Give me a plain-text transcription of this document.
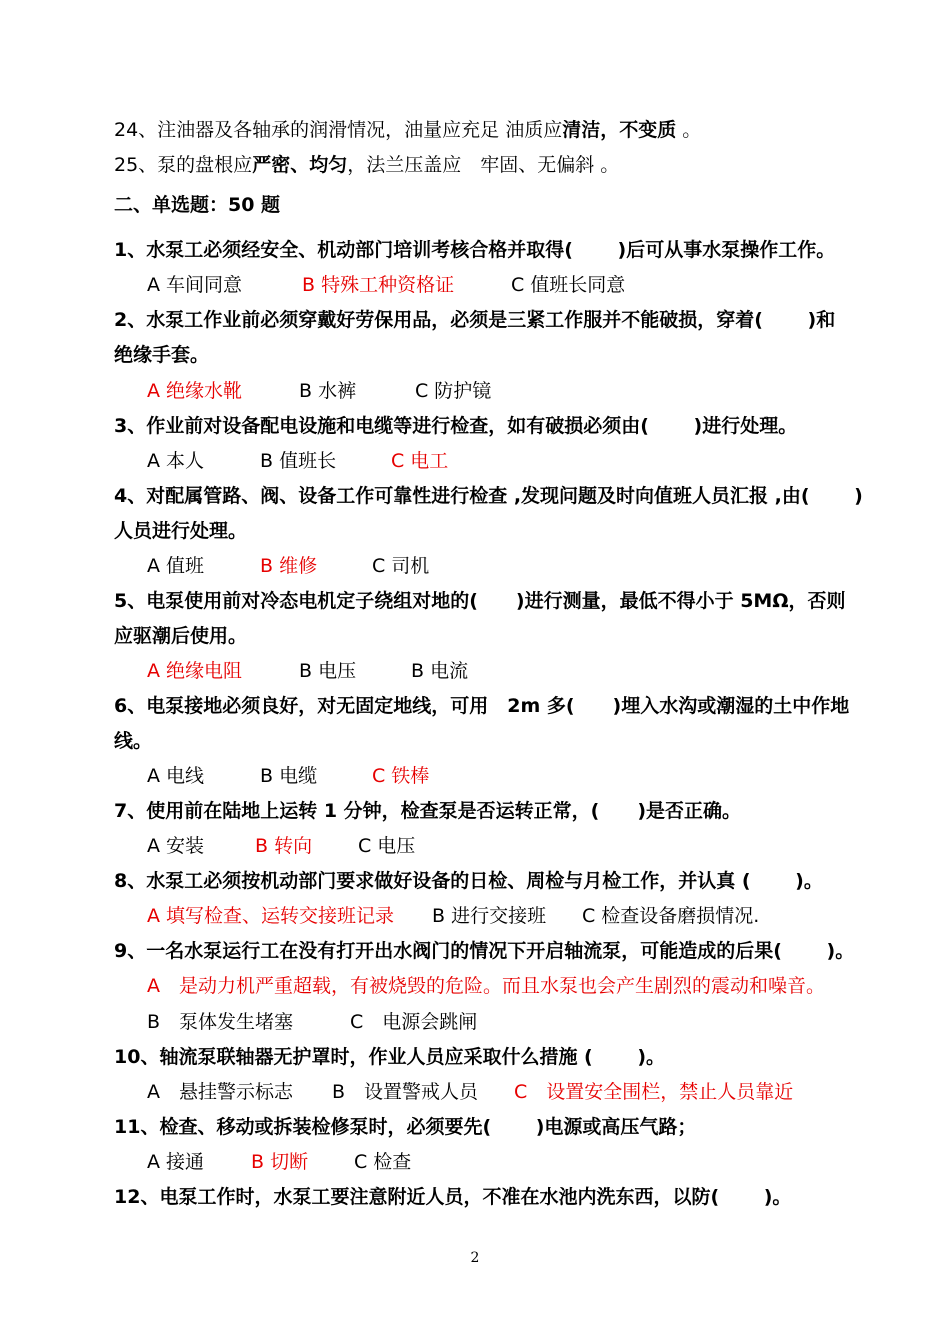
24、注油器及各轴承的润滑情况，油量应充足 油质应清洁，不变质 。
25、泵的盘根应严密、均匀，法兰压盖应　牢固、无偏斜 。
二、单选题：50 题
1、水泵工必须经安全、机动部门培训考核合格并取得(　　 )后可从事水泵操作工作。
A 车间同意	B 特殊工种资格证	C 值班长同意
2、水泵工作业前必须穿戴好劳保用品，必须是三紧工作服并不能破损，穿着(　　 )和
绝缘手套。
A 绝缘水靴	B 水裤	C 防护镜
3、作业前对设备配电设施和电缆等进行检查，如有破损必须由(　　 )进行处理。
A 本人	B 值班长	C 电工
4、对配属管路、阀、设备工作可靠性进行检查 ,发现问题及时向值班人员汇报 ,由(　　 )
人员进行处理。
A 值班	B 维修	C 司机
5、电泵使用前对冷态电机定子绕组对地的(　　)进行测量，最低不得小于 5MΩ，否则
应驱潮后使用。
A 绝缘电阻	B 电压	B 电流
6、电泵接地必须良好，对无固定地线，可用　2m 多(　　)埋入水沟或潮湿的土中作地
线。
A 电线	B 电缆	C 铁棒
7、使用前在陆地上运转 1 分钟，检查泵是否运转正常，(　　)是否正确。
A 安装	B 转向 C 电压
8、水泵工必须按机动部门要求做好设备的日检、周检与月检工作，并认真 (　　 )。
A 填写检查、运转交接班记录 B 进行交接班 C 检查设备磨损情况.
9、一名水泵运行工在没有打开出水阀门的情况下开启轴流泵，可能造成的后果(　　 )。
A　是动力机严重超载，有被烧毁的危险。而且水泵也会产生剧烈的震动和噪音。
B　泵体发生堵塞	C　电源会跳闸
10、轴流泵联轴器无护罩时，作业人员应采取什么措施 (　　 )。
A　悬挂警示标志 B　设置警戒人员 C　设置安全围栏，禁止人员靠近
11、检查、移动或拆装检修泵时，必须要先(　　 )电源或高压气路；
A 接通 B 切断 C 检查
12、电泵工作时，水泵工要注意附近人员，不准在水池内洗东西，以防(　　 )。
2
